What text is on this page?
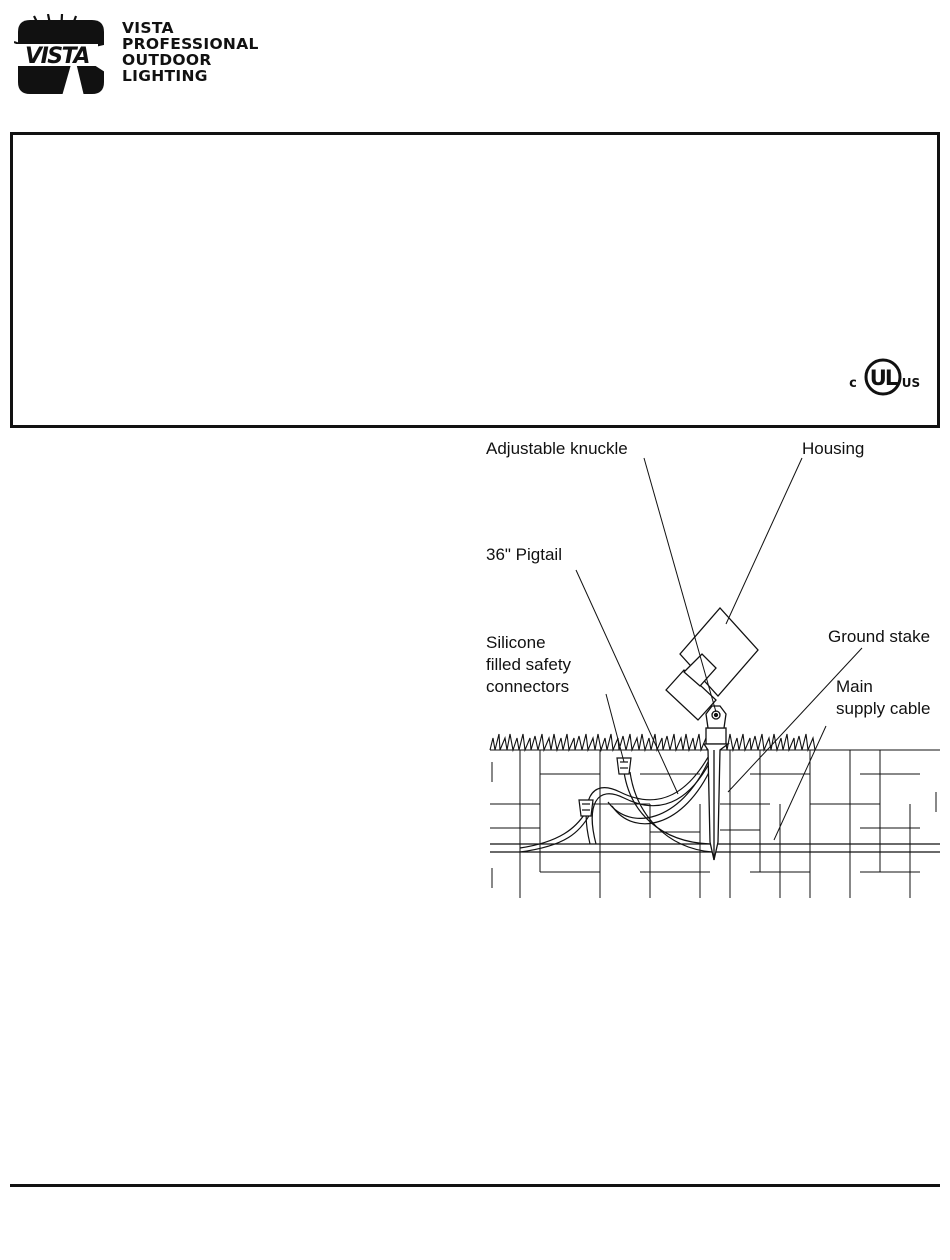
VISTA
VISTA
PROFESSIONAL
OUTDOOR
LIGHTING
UL
c	US
Adjustable knuckle	Housing
36" Pigtail
Silicone
filled safety
connectors
Ground stake
Main
supply cable
